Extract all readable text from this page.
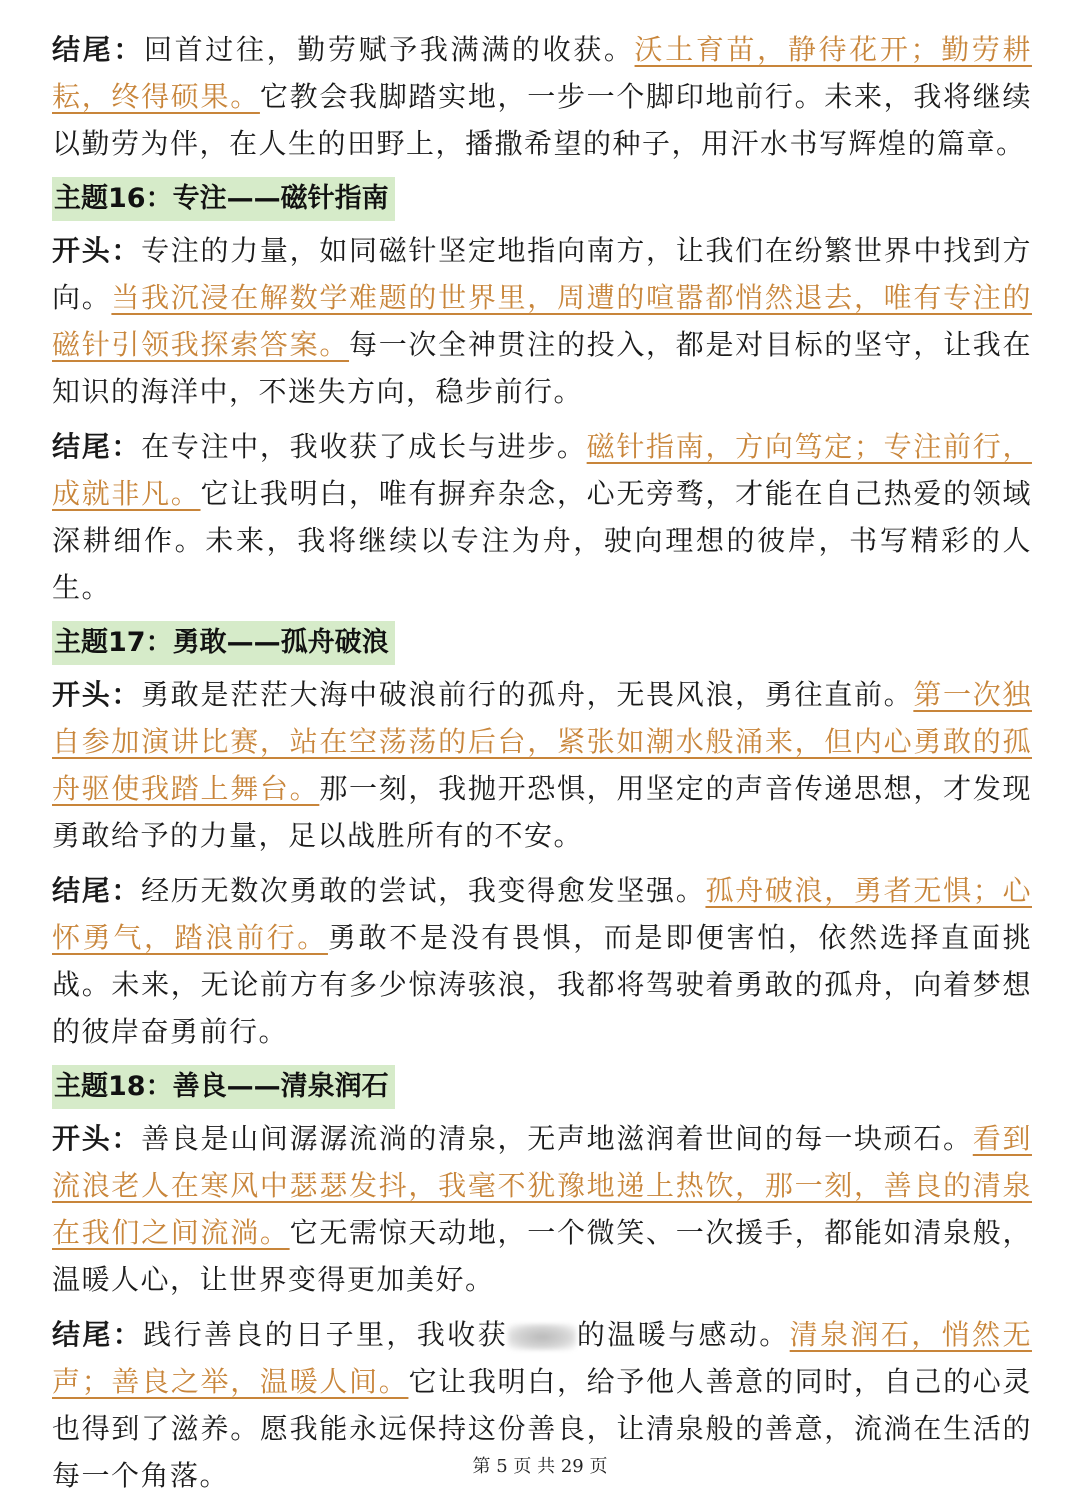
结尾：回首过往，勤劳赋予我满满的收获。沃土育苗，静待花开；勤劳耕耘，终得硕果。它教会我脚踏实地，一步一个脚印地前行。未来，我将继续以勤劳为伴，在人生的田野上，播撒希望的种子，用汗水书写辉煌的篇章。

主题16：专注——磁针指南

开头：专注的力量，如同磁针坚定地指向南方，让我们在纷繁世界中找到方向。当我沉浸在解数学难题的世界里，周遭的喧嚣都悄然退去，唯有专注的磁针引领我探索答案。每一次全神贯注的投入，都是对目标的坚守，让我在知识的海洋中，不迷失方向，稳步前行。

结尾：在专注中，我收获了成长与进步。磁针指南，方向笃定；专注前行，成就非凡。它让我明白，唯有摒弃杂念，心无旁骛，才能在自己热爱的领域深耕细作。未来，我将继续以专注为舟，驶向理想的彼岸，书写精彩的人生。

主题17：勇敢——孤舟破浪

开头：勇敢是茫茫大海中破浪前行的孤舟，无畏风浪，勇往直前。第一次独自参加演讲比赛，站在空荡荡的后台，紧张如潮水般涌来，但内心勇敢的孤舟驱使我踏上舞台。那一刻，我抛开恐惧，用坚定的声音传递思想，才发现勇敢给予的力量，足以战胜所有的不安。

结尾：经历无数次勇敢的尝试，我变得愈发坚强。孤舟破浪，勇者无惧；心怀勇气，踏浪前行。勇敢不是没有畏惧，而是即便害怕，依然选择直面挑战。未来，无论前方有多少惊涛骇浪，我都将驾驶着勇敢的孤舟，向着梦想的彼岸奋勇前行。

主题18：善良——清泉润石

开头：善良是山间潺潺流淌的清泉，无声地滋润着世间的每一块顽石。看到流浪老人在寒风中瑟瑟发抖，我毫不犹豫地递上热饮，那一刻，善良的清泉在我们之间流淌。它无需惊天动地，一个微笑、一次援手，都能如清泉般，温暖人心，让世界变得更加美好。

结尾：践行善良的日子里，我收获 的温暖与感动。清泉润石，悄然无声；善良之举，温暖人间。它让我明白，给予他人善意的同时，自己的心灵也得到了滋养。愿我能永远保持这份善良，让清泉般的善意，流淌在生活的每一个角落。	第 5 页 共 29 页
